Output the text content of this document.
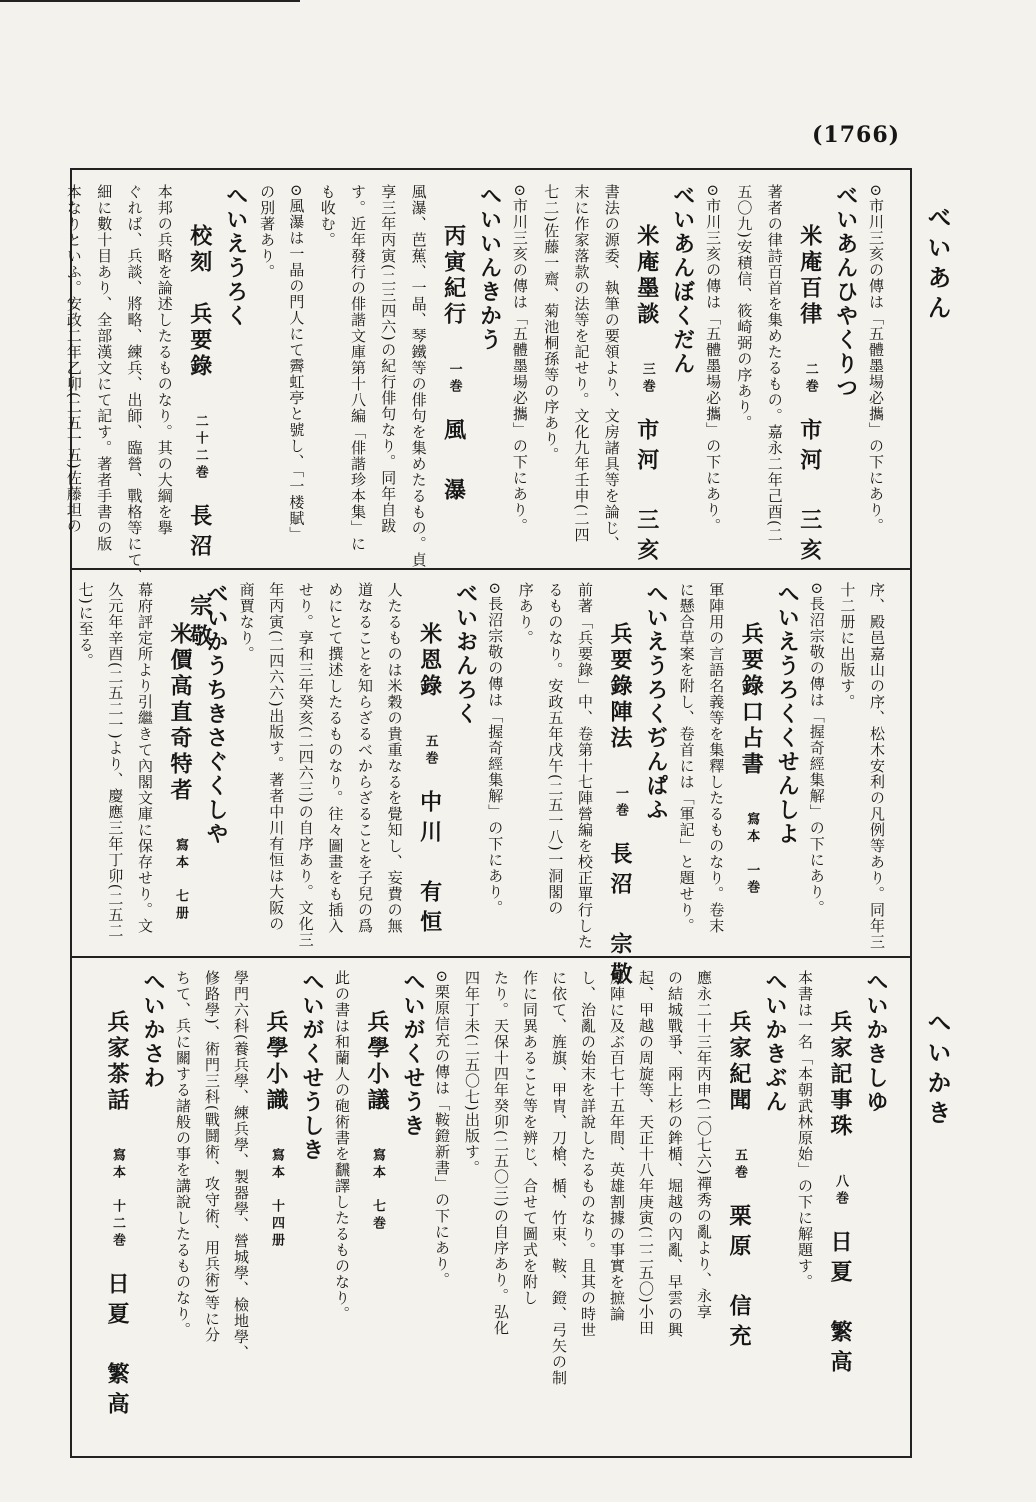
(1766)
べいあん
へいかき
⊙市川三亥の傳は「五體墨場必攜」の下にあり。
べいあんひやくりつ
米庵百律二巻市河　三亥
著者の律詩百首を集めたるもの。嘉永二年己酉(二
五〇九)安積信、筱崎弼の序あり。
⊙市川三亥の傳は「五體墨場必攜」の下にあり。
べいあんぼくだん
米庵墨談三巻市河　三亥
書法の源委、執筆の要領より、文房諸具等を論じ、
末に作家落款の法等を記せり。文化九年壬申(二四
七二)佐藤一齋、菊池桐孫等の序あり。
⊙市川三亥の傳は「五體墨場必攜」の下にあり。
へいいんきかう
丙寅紀行一巻風　瀑
風瀑、芭蕉、一晶、琴鐵等の俳句を集めたるもの。貞
享三年丙寅(二三四六)の紀行俳句なり。同年自跋
す。近年發行の俳諧文庫第十八編「俳諧珍本集」に
も收む。
⊙風瀑は一晶の門人にて霽虹亭と號し、「一楼賦」
の別著あり。
へいえうろく
校刻　兵要錄二十二巻長沼　宗敬
本邦の兵略を論述したるものなり。其の大綱を擧
ぐれば、兵談、將略、練兵、出師、臨營、戰格等にて、
細に數十目あり、全部漢文にて記す。著者手書の版
本なりといふ。安政二年乙卯(二五一五)佐藤坦の
序、殿邑嘉山の序、松木安利の凡例等あり。同年三
十二册に出版す。
⊙長沼宗敬の傳は「握奇經集解」の下にあり。
へいえうろくくせんしよ
兵要錄口占書寫本　一巻
軍陣用の言語名義等を集釋したるものなり。卷末
に懸合草案を附し、卷首には「軍記」と題せり。
へいえうろくぢんぱふ
兵要錄陣法一巻長沼　宗敬
前著「兵要錄」中、卷第十七陣營編を校正單行した
るものなり。安政五年戊午(二五一八)一洞閣の
序あり。
⊙長沼宗敬の傳は「握奇經集解」の下にあり。
べいおんろく
米恩錄五巻中川　有恒
人たるものは米穀の貴重なるを覺知し、妄費の無
道なることを知らざるべからざることを子兒の爲
めにとて撰述したるものなり。往々圖畫をも插入
せり。享和三年癸亥(二四六三)の自序あり。文化三
年丙寅(二四六六)出版す。著者中川有恒は大阪の
商賈なり。
べいかうちきさぐくしや
米價高直奇特者寫本　七册
幕府評定所より引繼きて內閣文庫に保存せり。文
久元年辛酉(二五二一)より、慶應三年丁卯(二五二
七)に至る。
へいかきしゆ
兵家記事珠八巻日夏　繁高
本書は一名「本朝武林原始」の下に解題す。
へいかきぶん
兵家紀聞五巻栗原　信充
應永二十三年丙申(二〇七六)禪秀の亂より、永享
の結城戰爭、兩上杉の鉾楯、堀越の內亂、早雲の興
起、甲越の周旋等、天正十八年庚寅(二二五〇)小田
原陣に及ぶ百七十五年間、英雄割據の事實を摭論
し、治亂の始末を詳說したるものなり。且其の時世
に依て、旌旗、甲冑、刀槍、楯、竹束、鞍、鐙、弓矢の制
作に同異あること等を辨じ、合せて圖式を附し
たり。天保十四年癸卯(二五〇三)の自序あり。弘化
四年丁未(二五〇七)出版す。
⊙栗原信充の傳は「鞍鐙新書」の下にあり。
へいがくせうき
兵學小議寫本　七巻
此の書は和蘭人の砲術書を飜譯したるものなり。
へいがくせうしき
兵學小識寫本　十四册
學門六科(養兵學、練兵學、製器學、營城學、檢地學、
修路學)、術門三科(戰鬪術、攻守術、用兵術)等に分
ちて、兵に關する諸般の事を講說したるものなり。
へいかさわ
兵家茶話寫本　十二巻日夏　繁高
